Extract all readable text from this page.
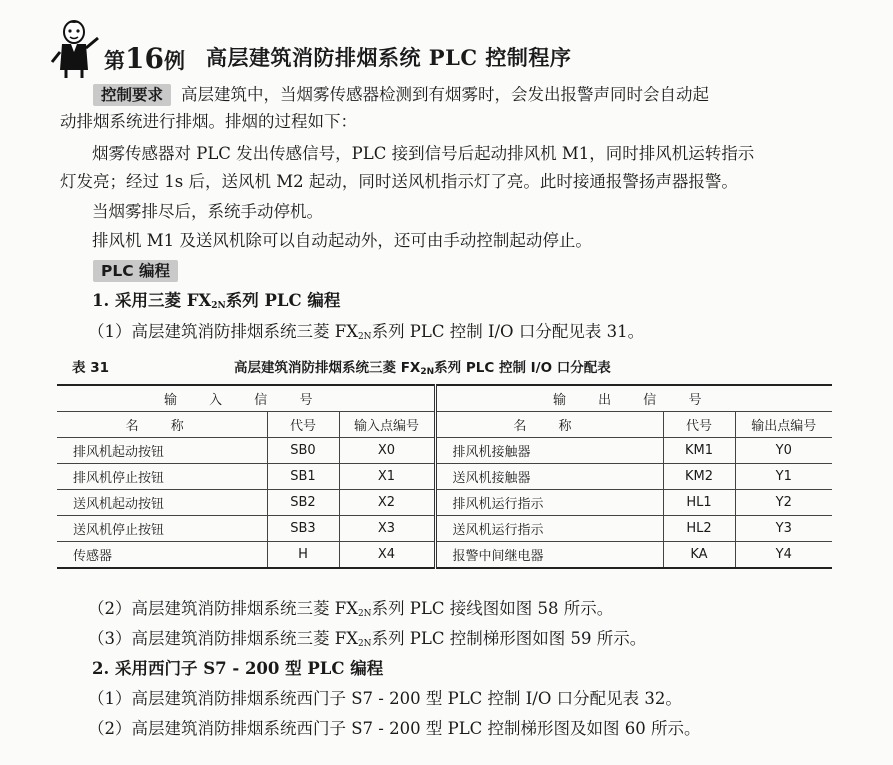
第16例 高层建筑消防排烟系统 PLC 控制程序
控制要求 高层建筑中，当烟雾传感器检测到有烟雾时，会发出报警声同时会自动起
动排烟系统进行排烟。排烟的过程如下：
烟雾传感器对 PLC 发出传感信号，PLC 接到信号后起动排风机 M1，同时排风机运转指示
灯发亮；经过 1s 后，送风机 M2 起动，同时送风机指示灯了亮。此时接通报警扬声器报警。
当烟雾排尽后，系统手动停机。
排风机 M1 及送风机除可以自动起动外，还可由手动控制起动停止。
PLC 编程
1. 采用三菱 $FX_{2N}$系列 PLC 编程
（1）高层建筑消防排烟系统三菱 $FX_{2N}$系列 PLC 控制 I/O 口分配见表 31。
表 31	高层建筑消防排烟系统三菱 $FX_{2N}$系列 PLC 控制 I/O 口分配表
输 入 信 号			输 出 信 号		
名 称	代号	输入点编号	名 称	代号	输出点编号
排风机起动按钮	SB0	X0	排风机接触器	KM1	Y0
排风机停止按钮	SB1	X1	送风机接触器	KM2	Y1
送风机起动按钮	SB2	X2	排风机运行指示	HL1	Y2
送风机停止按钮	SB3	X3	送风机运行指示	HL2	Y3
传感器	H	X4	报警中间继电器	KA	Y4
（2）高层建筑消防排烟系统三菱 $FX_{2N}$系列 PLC 接线图如图 58 所示。
（3）高层建筑消防排烟系统三菱 $FX_{2N}$系列 PLC 控制梯形图如图 59 所示。
2. 采用西门子 S7 - 200 型 PLC 编程
（1）高层建筑消防排烟系统西门子 S7 - 200 型 PLC 控制 I/O 口分配见表 32。
（2）高层建筑消防排烟系统西门子 S7 - 200 型 PLC 控制梯形图及如图 60 所示。
